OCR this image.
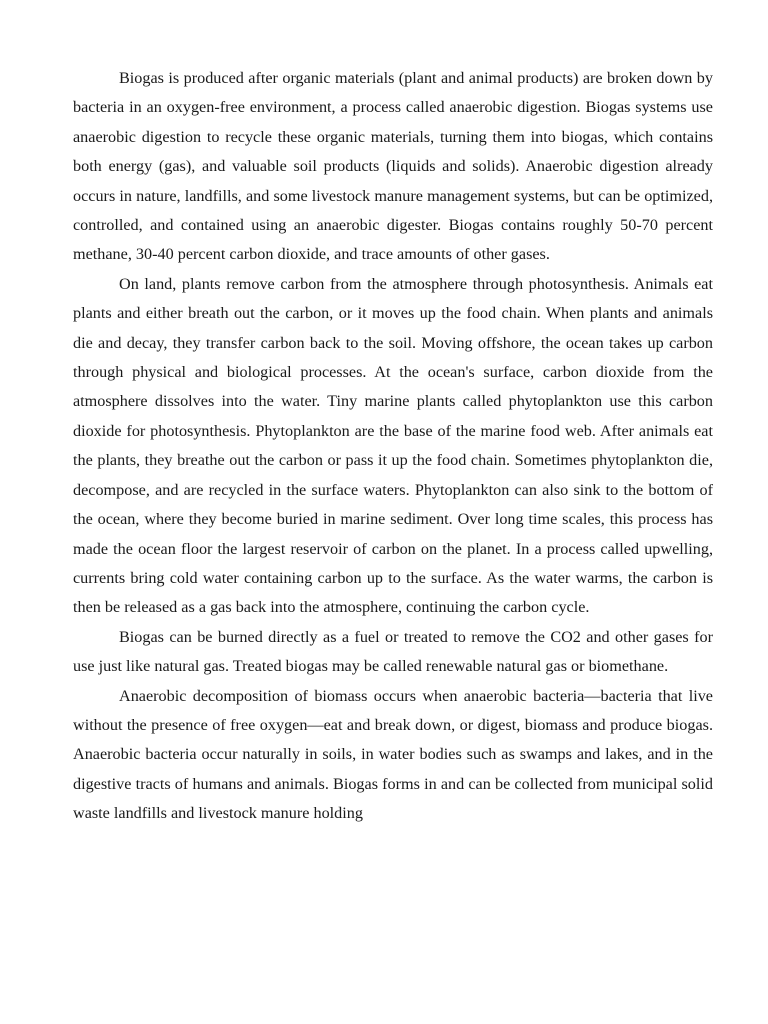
Biogas is produced after organic materials (plant and animal products) are broken down by bacteria in an oxygen-free environment, a process called anaerobic digestion. Biogas systems use anaerobic digestion to recycle these organic materials, turning them into biogas, which contains both energy (gas), and valuable soil products (liquids and solids). Anaerobic digestion already occurs in nature, landfills, and some livestock manure management systems, but can be optimized, controlled, and contained using an anaerobic digester. Biogas contains roughly 50-70 percent methane, 30-40 percent carbon dioxide, and trace amounts of other gases.

On land, plants remove carbon from the atmosphere through photosynthesis. Animals eat plants and either breath out the carbon, or it moves up the food chain. When plants and animals die and decay, they transfer carbon back to the soil. Moving offshore, the ocean takes up carbon through physical and biological processes. At the ocean's surface, carbon dioxide from the atmosphere dissolves into the water. Tiny marine plants called phytoplankton use this carbon dioxide for photosynthesis. Phytoplankton are the base of the marine food web. After animals eat the plants, they breathe out the carbon or pass it up the food chain. Sometimes phytoplankton die, decompose, and are recycled in the surface waters. Phytoplankton can also sink to the bottom of the ocean, where they become buried in marine sediment. Over long time scales, this process has made the ocean floor the largest reservoir of carbon on the planet. In a process called upwelling, currents bring cold water containing carbon up to the surface. As the water warms, the carbon is then be released as a gas back into the atmosphere, continuing the carbon cycle.

Biogas can be burned directly as a fuel or treated to remove the CO2 and other gases for use just like natural gas. Treated biogas may be called renewable natural gas or biomethane.

Anaerobic decomposition of biomass occurs when anaerobic bacteria—bacteria that live without the presence of free oxygen—eat and break down, or digest, biomass and produce biogas. Anaerobic bacteria occur naturally in soils, in water bodies such as swamps and lakes, and in the digestive tracts of humans and animals. Biogas forms in and can be collected from municipal solid waste landfills and livestock manure holding
